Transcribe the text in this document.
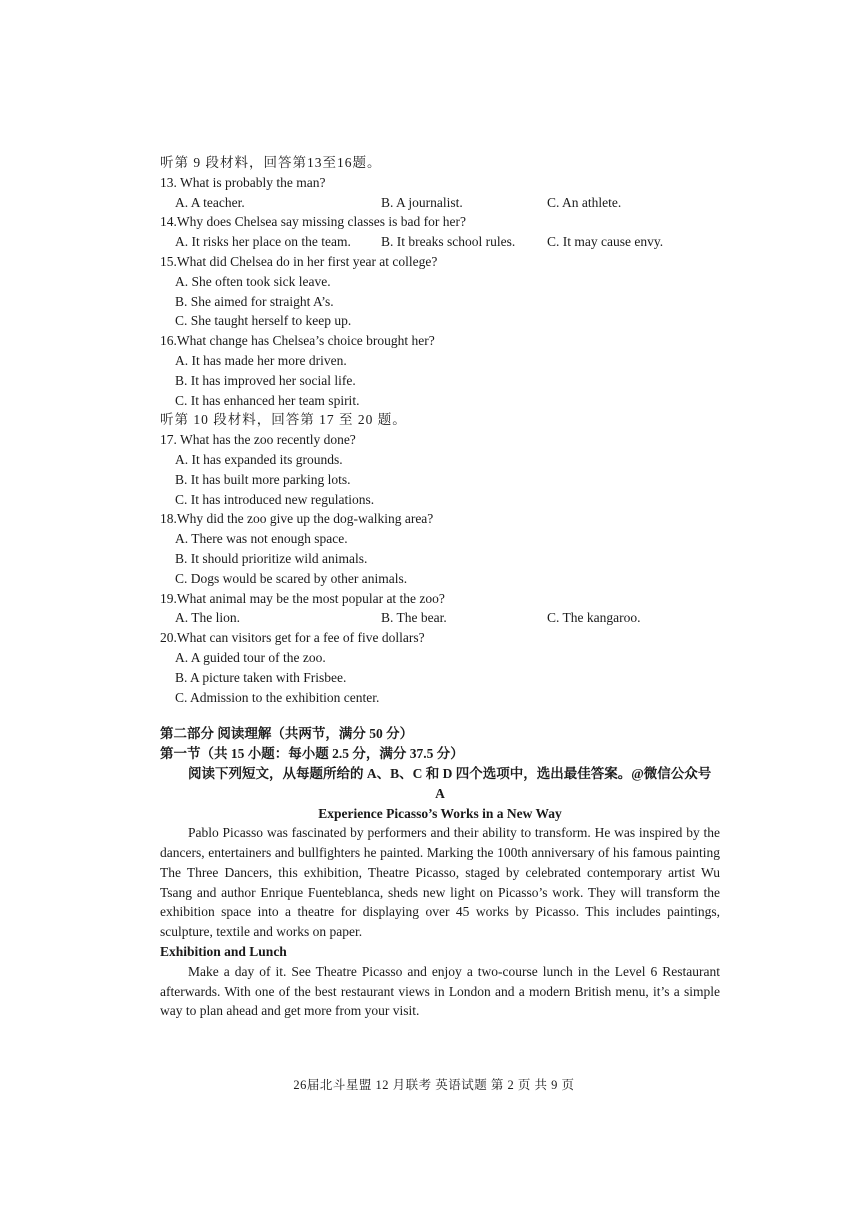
听第 9 段材料，回答第13至16题。
13. What is probably the man?
A. A teacher.	B. A journalist.	C. An athlete.
14.Why does Chelsea say missing classes is bad for her?
A. It risks her place on the team. B. It breaks school rules. C. It may cause envy.
15.What did Chelsea do in her first year at college?
A. She often took sick leave.
B. She aimed for straight A’s.
C. She taught herself to keep up.
16.What change has Chelsea’s choice brought her?
A. It has made her more driven.
B. It has improved her social life.
C. It has enhanced her team spirit.
听第 10 段材料，回答第 17 至 20 题。
17. What has the zoo recently done?
A. It has expanded its grounds.
B. It has built more parking lots.
C. It has introduced new regulations.
18.Why did the zoo give up the dog-walking area?
A. There was not enough space.
B. It should prioritize wild animals.
C. Dogs would be scared by other animals.
19.What animal may be the most popular at the zoo?
A. The lion.	B. The bear.	C. The kangaroo.
20.What can visitors get for a fee of five dollars?
A. A guided tour of the zoo.
B. A picture taken with Frisbee.
C. Admission to the exhibition center.
第二部分 阅读理解（共两节，满分 50 分）
第一节（共 15 小题：每小题 2.5 分，满分 37.5 分）
阅读下列短文，从每题所给的 A、B、C 和 D 四个选项中，选出最佳答案。@微信公众号
A
Experience Picasso’s Works in a New Way
Pablo Picasso was fascinated by performers and their ability to transform. He was inspired by the dancers, entertainers and bullfighters he painted. Marking the 100th anniversary of his famous painting The Three Dancers, this exhibition, Theatre Picasso, staged by celebrated contemporary artist Wu Tsang and author Enrique Fuenteblanca, sheds new light on Picasso’s work. They will transform the exhibition space into a theatre for displaying over 45 works by Picasso. This includes paintings, sculpture, textile and works on paper.
Exhibition and Lunch
Make a day of it. See Theatre Picasso and enjoy a two-course lunch in the Level 6 Restaurant afterwards. With one of the best restaurant views in London and a modern British menu, it’s a simple way to plan ahead and get more from your visit.
26届北斗星盟 12 月联考 英语试题 第 2 页 共 9 页
